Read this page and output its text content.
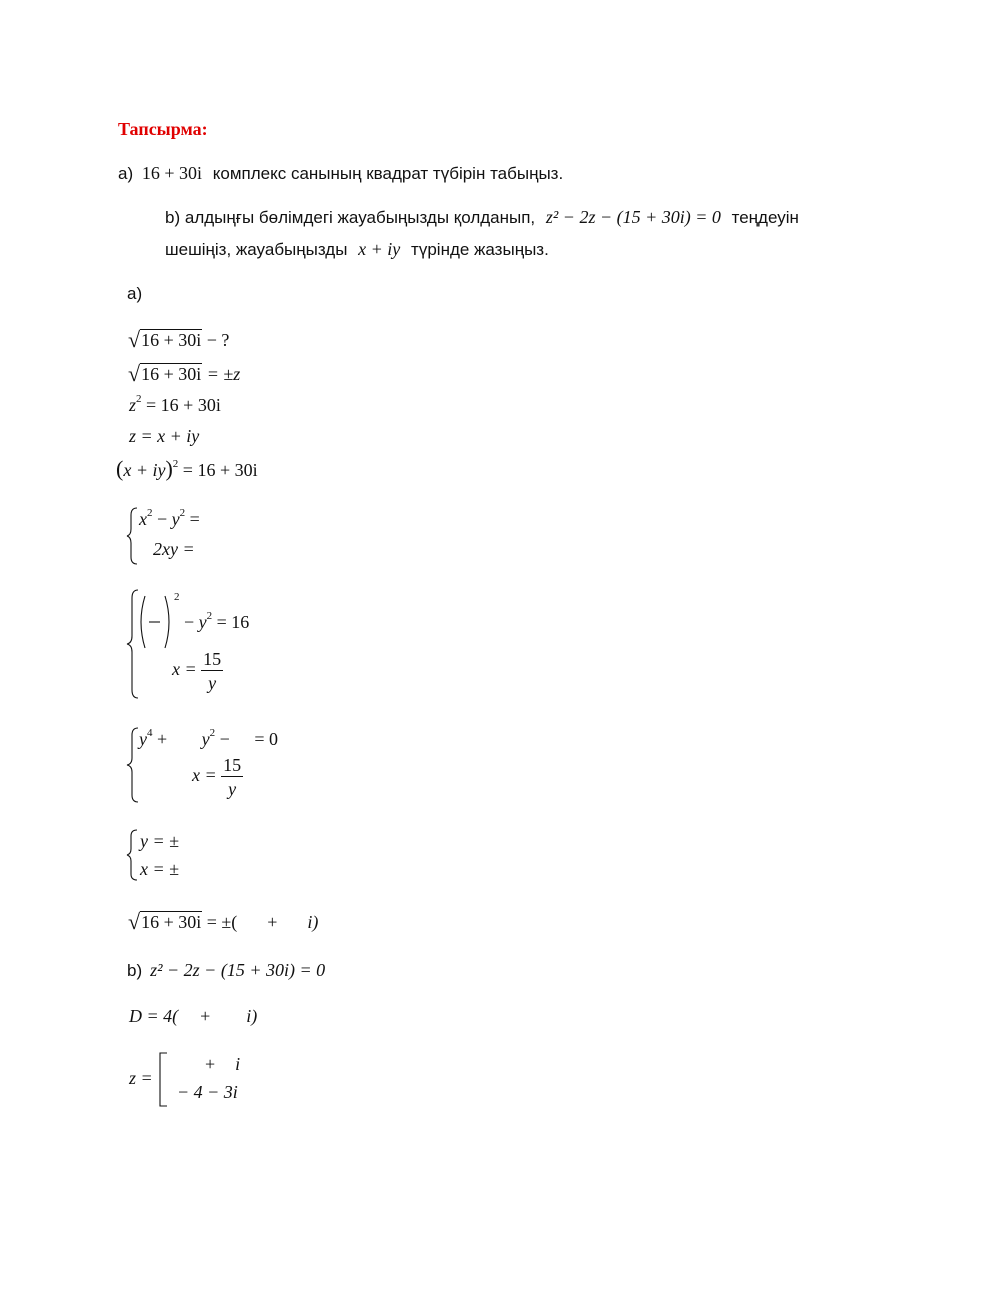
Тапсырма:
а) 16 + 30i комплекс санының квадрат түбірін табыңыз.
b) алдыңғы бөлімдегі жауабыңызды қолданып, z² − 2z − (15 + 30i) = 0 теңдеуін
шешіңіз, жауабыңызды x + iy түрінде жазыңыз.
а)
√16 + 30i − ?
√16 + 30i = ±z
$z^2 = 16 + 30i$
z = x + iy
(x + iy)$^2$ = 16 + 30i
$x^2 - y^2$ =
2xy =
$^2 - y^2 = 16$
$x = \frac{15}{y}$
$y^4 + y^2$ − = 0
$x = \frac{15}{y}$
y = ±
x = ±
√16 + 30i = ±( + i)
b) z² − 2z − (15 + 30i) = 0
D = 4( + i)
z =
+ i
− 4 − 3i
